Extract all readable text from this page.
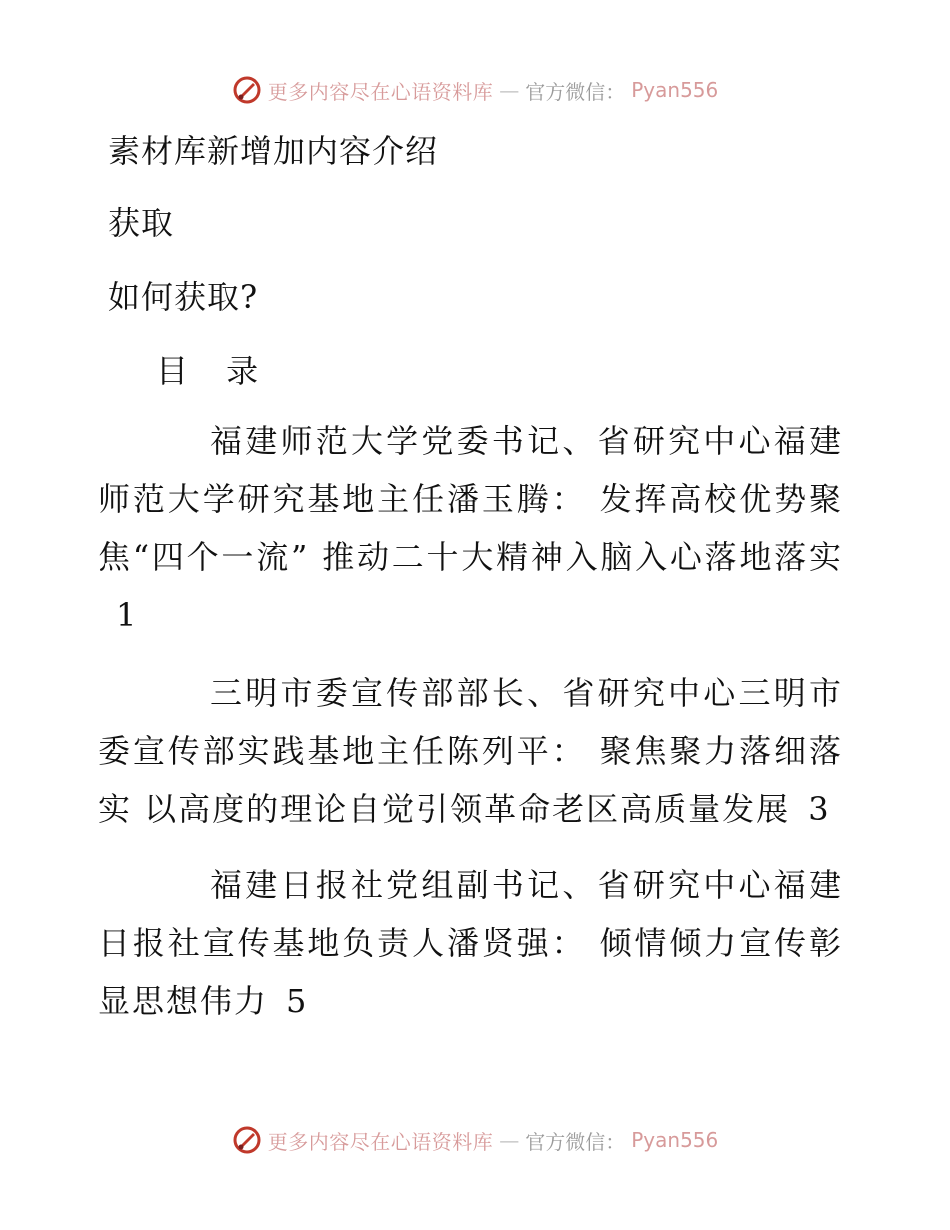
更多内容尽在心语资料库 — 官方微信： Pyan556
素材库新增加内容介绍
获取
如何获取?
目 录
福建师范大学党委书记、省研究中心福建师范大学研究基地主任潘玉腾： 发挥高校优势聚焦“四个一流” 推动二十大精神入脑入心落地落实1
三明市委宣传部部长、省研究中心三明市委宣传部实践基地主任陈列平： 聚焦聚力落细落实 以高度的理论自觉引领革命老区高质量发展 3
福建日报社党组副书记、省研究中心福建日报社宣传基地负责人潘贤强： 倾情倾力宣传彰显思想伟力 5
更多内容尽在心语资料库 — 官方微信： Pyan556
